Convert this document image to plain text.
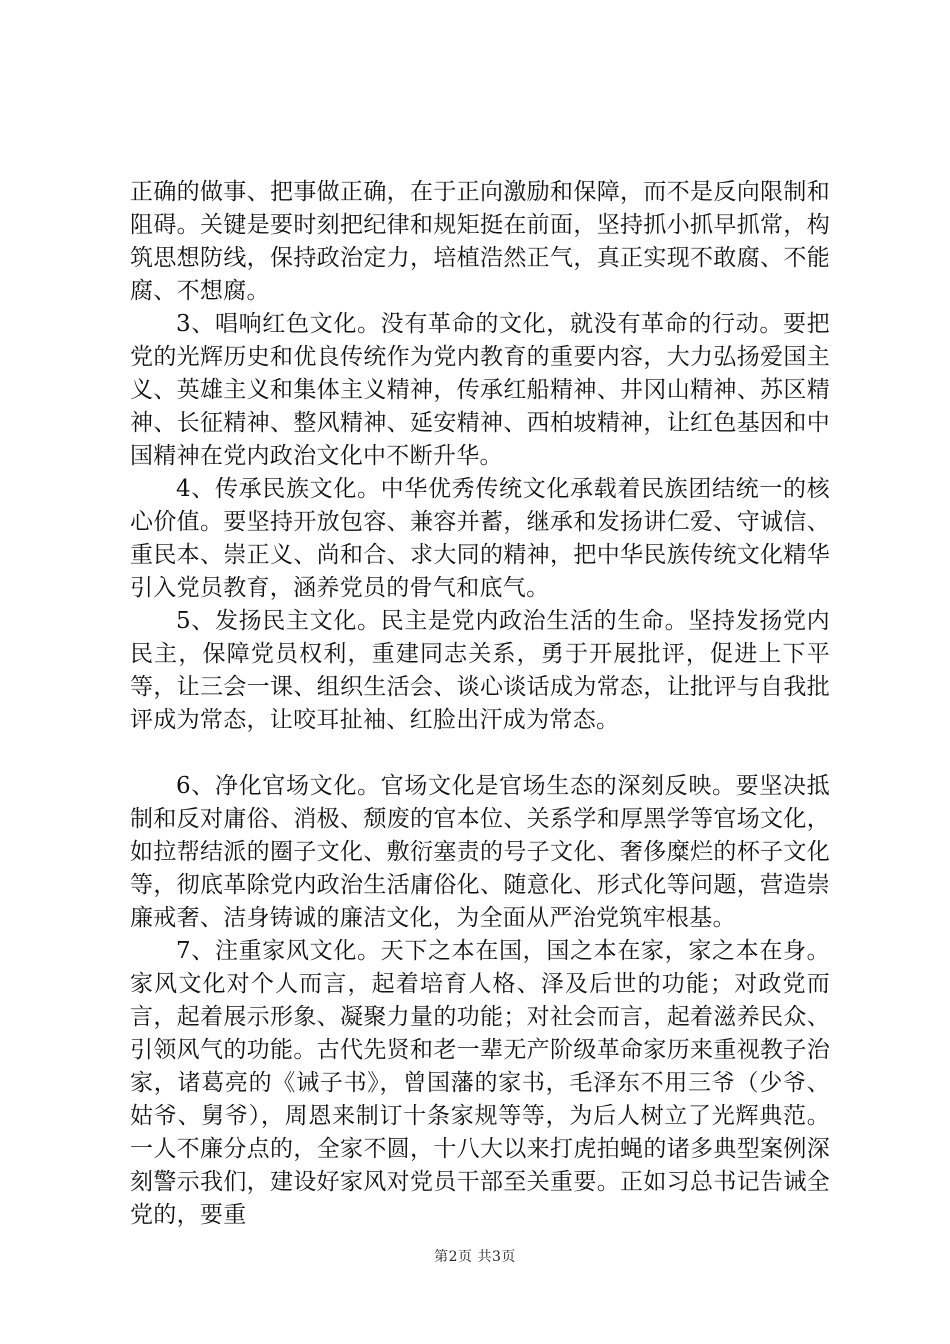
正确的做事、把事做正确，在于正向激励和保障，而不是反向限制和阻碍。关键是要时刻把纪律和规矩挺在前面，坚持抓小抓早抓常，构筑思想防线，保持政治定力，培植浩然正气，真正实现不敢腐、不能腐、不想腐。

3、唱响红色文化。没有革命的文化，就没有革命的行动。要把党的光辉历史和优良传统作为党内教育的重要内容，大力弘扬爱国主义、英雄主义和集体主义精神，传承红船精神、井冈山精神、苏区精神、长征精神、整风精神、延安精神、西柏坡精神，让红色基因和中国精神在党内政治文化中不断升华。

4、传承民族文化。中华优秀传统文化承载着民族团结统一的核心价值。要坚持开放包容、兼容并蓄，继承和发扬讲仁爱、守诚信、重民本、崇正义、尚和合、求大同的精神，把中华民族传统文化精华引入党员教育，涵养党员的骨气和底气。

5、发扬民主文化。民主是党内政治生活的生命。坚持发扬党内民主，保障党员权利，重建同志关系，勇于开展批评，促进上下平等，让三会一课、组织生活会、谈心谈话成为常态，让批评与自我批评成为常态，让咬耳扯袖、红脸出汗成为常态。

6、净化官场文化。官场文化是官场生态的深刻反映。要坚决抵制和反对庸俗、消极、颓废的官本位、关系学和厚黑学等官场文化，如拉帮结派的圈子文化、敷衍塞责的号子文化、奢侈糜烂的杯子文化等，彻底革除党内政治生活庸俗化、随意化、形式化等问题，营造崇廉戒奢、洁身铸诚的廉洁文化，为全面从严治党筑牢根基。

7、注重家风文化。天下之本在国，国之本在家，家之本在身。家风文化对个人而言，起着培育人格、泽及后世的功能；对政党而言，起着展示形象、凝聚力量的功能；对社会而言，起着滋养民众、引领风气的功能。古代先贤和老一辈无产阶级革命家历来重视教子治家，诸葛亮的《诫子书》，曾国藩的家书，毛泽东不用三爷（少爷、姑爷、舅爷），周恩来制订十条家规等等，为后人树立了光辉典范。一人不廉分点的，全家不圆，十八大以来打虎拍蝇的诸多典型案例深刻警示我们，建设好家风对党员干部至关重要。正如习总书记告诫全党的，要重

第2页 共3页
